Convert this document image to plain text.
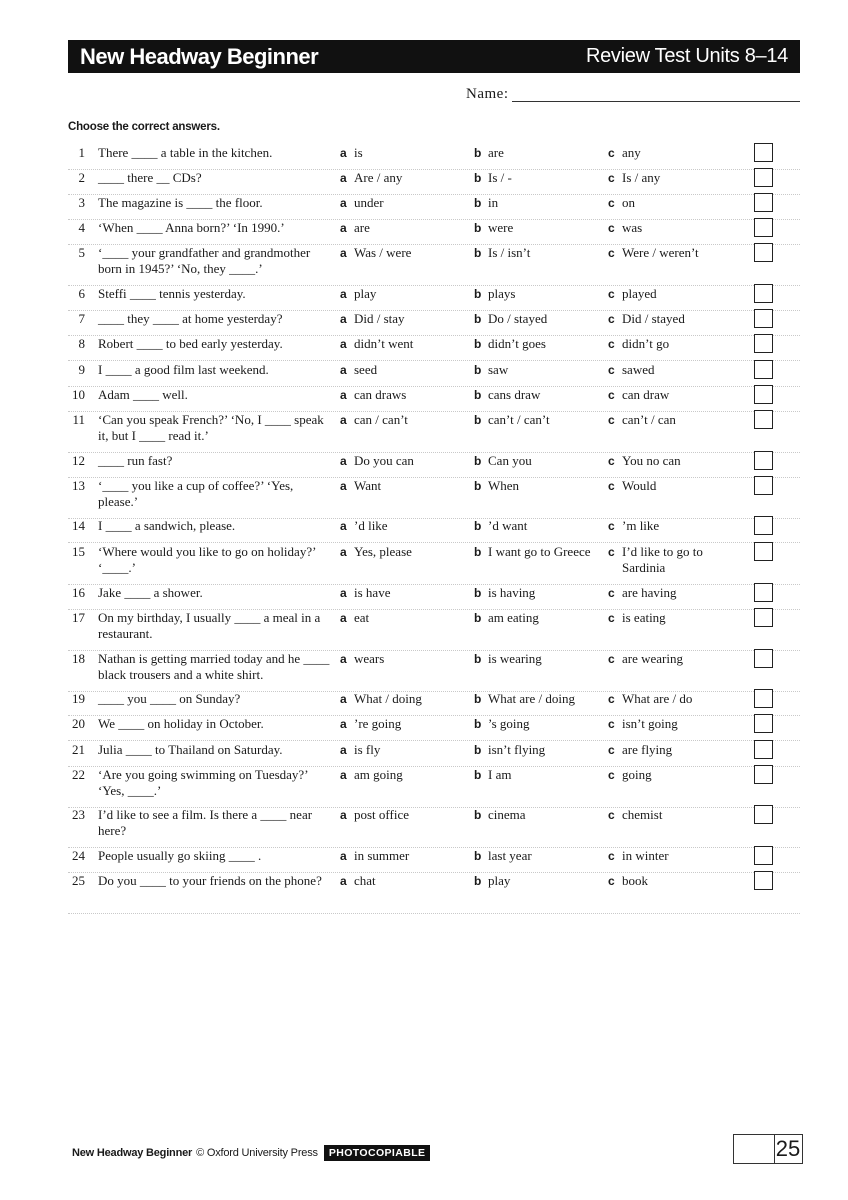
New Headway Beginner	Review Test Units 8–14
Name:
Choose the correct answers.
1 There ____ a table in the kitchen.	a is	b are	c any
2 ____ there __ CDs?	a Are / any	b Is / -	c Is / any
3 The magazine is ____ the floor.	a under	b in	c on
4 ‘When ____ Anna born?’ ‘In 1990.’	a are	b were	c was
5 ‘____ your grandfather and grandmother born in 1945?’ ‘No, they ____.’
a Was / were	b Is / isn’t	c Were / weren’t
6 Steffi ____ tennis yesterday.	a play	b plays	c played
7 ____ they ____ at home yesterday?	a Did / stay	b Do / stayed	c Did / stayed
8 Robert ____ to bed early yesterday.	a didn’t went	b didn’t goes	c didn’t go
9 I ____ a good film last weekend.	a seed	b saw	c sawed
10 Adam ____ well.	a can draws	b cans draw	c can draw
11 ‘Can you speak French?’ ‘No, I ____ speak it, but I ____ read it.’
a can / can’t	b can’t / can’t	c can’t / can
12 ____ run fast?	a Do you can	b Can you	c You no can
13 ‘____ you like a cup of coffee?’ ‘Yes, please.’
a Want	b When	c Would
14 I ____ a sandwich, please.	a ’d like	b ’d want	c ’m like
15 ‘Where would you like to go on holiday?’ ‘____.’
a Yes, please	b I want go to Greece	c I’d like to go to Sardinia
16 Jake ____ a shower.	a is have	b is having	c are having
17 On my birthday, I usually ____ a meal in a restaurant.
a eat	b am eating	c is eating
18 Nathan is getting married today and he ____ black trousers and a white shirt.
a wears	b is wearing	c are wearing
19 ____ you ____ on Sunday?	a What / doing	b What are / doing	c What are / do
20 We ____ on holiday in October.	a ’re going	b ’s going	c isn’t going
21 Julia ____ to Thailand on Saturday.	a is fly	b isn’t flying	c are flying
22 ‘Are you going swimming on Tuesday?’ ‘Yes, ____.’
a am going	b I am	c going
23 I’d like to see a film. Is there a ____ near here?
a post office	b cinema	c chemist
24 People usually go skiing ____ .	a in summer	b last year	c in winter
25 Do you ____ to your friends on the phone?	a chat	b play	c book
New Headway Beginner © Oxford University Press	PHOTOCOPIABLE	25
